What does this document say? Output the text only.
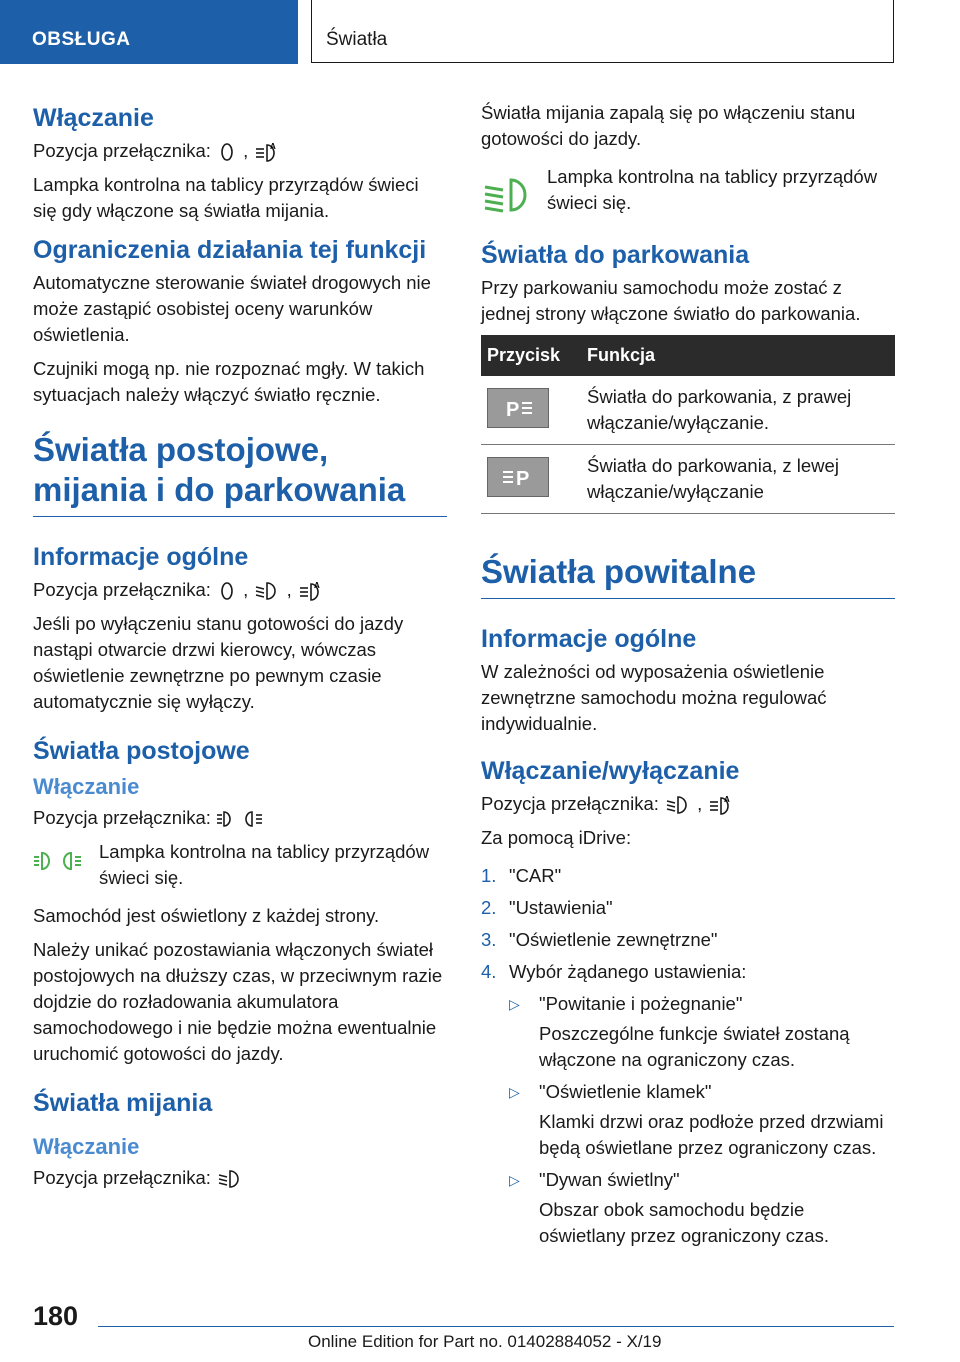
OBSŁUGA	Światła
Włączanie

Pozycja przełącznika:  , A

Lampka kontrolna na tablicy przyrządów świeci się gdy włączone są światła mijania.

Ograniczenia działania tej funkcji

Automatyczne sterowanie świateł drogowych nie może zastąpić osobistej oceny warunków oświetlenia.

Czujniki mogą np. nie rozpoznać mgły. W takich sytuacjach należy włączyć światło ręcznie.

Światła postojowe, mijania i do parkowania
Informacje ogólne

Pozycja przełącznika:  ,  , A

Jeśli po wyłączeniu stanu gotowości do jazdy nastąpi otwarcie drzwi kierowcy, wówczas oświetlenie zewnętrzne po pewnym czasie automatycznie się wyłączy.

Światła postojowe
Włączanie

Pozycja przełącznika:

Lampka kontrolna na tablicy przyrządów świeci się.

Samochód jest oświetlony z każdej strony.

Należy unikać pozostawiania włączonych świateł postojowych na dłuższy czas, w przeciwnym razie dojdzie do rozładowania akumulatora samochodowego i nie będzie można ewentualnie uruchomić gotowości do jazdy.

Światła mijania
Włączanie

Pozycja przełącznika:

Światła mijania zapalą się po włączeniu stanu gotowości do jazdy.

Lampka kontrolna na tablicy przyrządów świeci się.

Światła do parkowania

Przy parkowaniu samochodu może zostać z jednej strony włączone światło do parkowania.

Przycisk	Funkcja

P	Światła do parkowania, z prawej włączanie/wyłączanie.

P	Światła do parkowania, z lewej włączanie/wyłączanie
Światła powitalne
Informacje ogólne

W zależności od wyposażenia oświetlenie zewnętrzne samochodu można regulować indywidualnie.

Włączanie/wyłączanie

Pozycja przełącznika:  , A

Za pomocą iDrive:

1. "CAR"
2. "Ustawienia"
3. "Oświetlenie zewnętrzne"
4. Wybór żądanego ustawienia:
▷	"Powitanie i pożegnanie"
Poszczególne funkcje świateł zostaną włączone na ograniczony czas.
▷	"Oświetlenie klamek"
Klamki drzwi oraz podłoże przed drzwiami będą oświetlane przez ograniczony czas.
▷	"Dywan świetlny"
Obszar obok samochodu będzie oświetlany przez ograniczony czas.
180
Online Edition for Part no. 01402884052 - X/19
